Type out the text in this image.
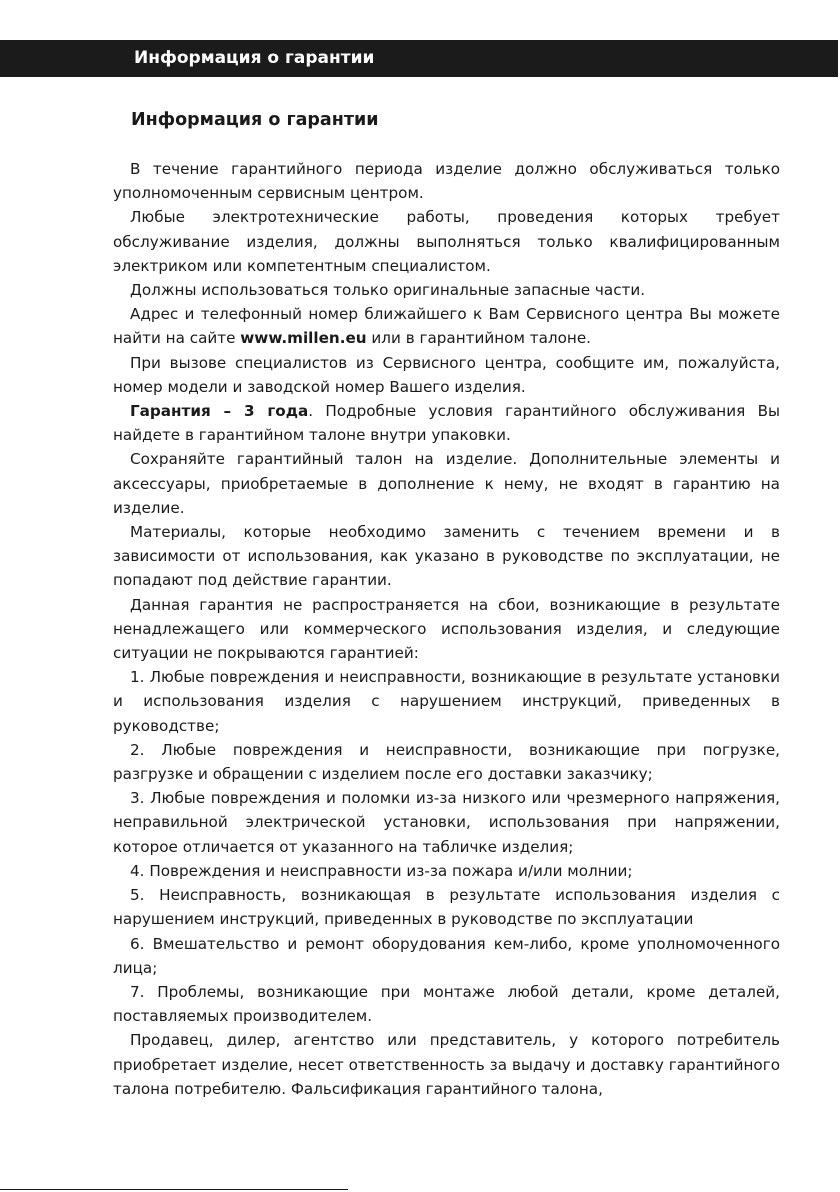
Информация о гарантии
Информация о гарантии

В течение гарантийного периода изделие должно обслуживаться только уполномоченным сервисным центром.

Любые электротехнические работы, проведения которых требует обслуживание изделия, должны выполняться только квалифицированным электриком или компетентным специалистом.

Должны использоваться только оригинальные запасные части.

Адрес и телефонный номер ближайшего к Вам Сервисного центра Вы можете найти на сайте www.millen.eu или в гарантийном талоне.

При вызове специалистов из Сервисного центра, сообщите им, пожалуйста, номер модели и заводской номер Вашего изделия.

Гарантия – 3 года. Подробные условия гарантийного обслуживания Вы найдете в гарантийном талоне внутри упаковки.

Сохраняйте гарантийный талон на изделие. Дополнительные элементы и аксессуары, приобретаемые в дополнение к нему, не входят в гарантию на изделие.

Материалы, которые необходимо заменить с течением времени и в зависимости от использования, как указано в руководстве по эксплуатации, не попадают под действие гарантии.

Данная гарантия не распространяется на сбои, возникающие в результате ненадлежащего или коммерческого использования изделия, и следующие ситуации не покрываются гарантией:

1. Любые повреждения и неисправности, возникающие в результате установки и использования изделия с нарушением инструкций, приведенных в руководстве;

2. Любые повреждения и неисправности, возникающие при погрузке, разгрузке и обращении с изделием после его доставки заказчику;

3. Любые повреждения и поломки из-за низкого или чрезмерного напряжения, неправильной электрической установки, использования при напряжении, которое отличается от указанного на табличке изделия;

4. Повреждения и неисправности из-за пожара и/или молнии;

5. Неисправность, возникающая в результате использования изделия с нарушением инструкций, приведенных в руководстве по эксплуатации

6. Вмешательство и ремонт оборудования кем-либо, кроме уполномоченного лица;

7. Проблемы, возникающие при монтаже любой детали, кроме деталей, поставляемых производителем.

Продавец, дилер, агентство или представитель, у которого потребитель приобретает изделие, несет ответственность за выдачу и доставку гарантийного талона потребителю. Фальсификация гарантийного талона,
